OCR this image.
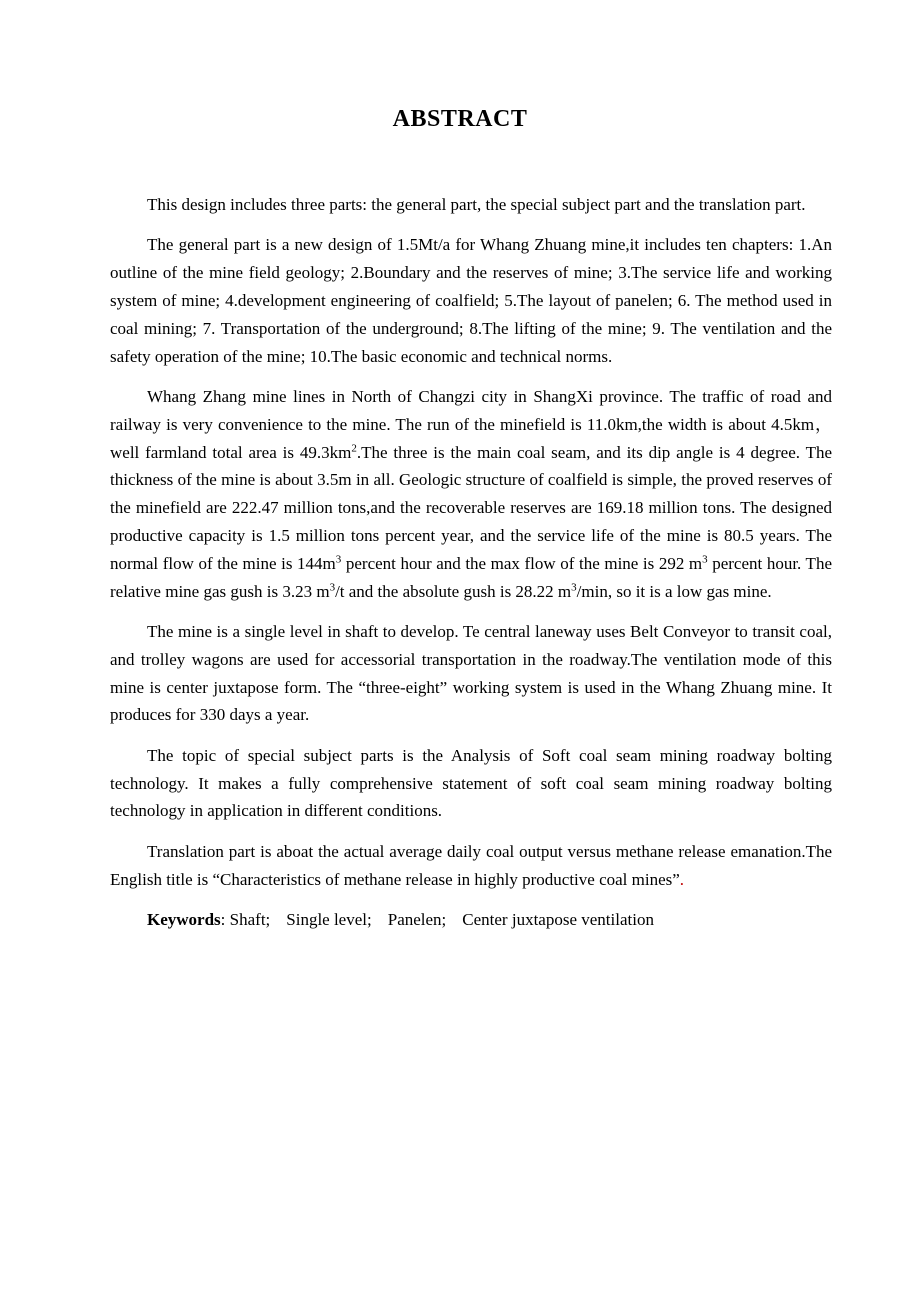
ABSTRACT

This design includes three parts: the general part, the special subject part and the translation part.

The general part is a new design of 1.5Mt/a for Whang Zhuang mine,it includes ten chapters: 1.An outline of the mine field geology; 2.Boundary and the reserves of mine; 3.The service life and working system of mine; 4.development engineering of coalfield; 5.The layout of panelen; 6. The method used in coal mining; 7. Transportation of the underground; 8.The lifting of the mine; 9. The ventilation and the safety operation of the mine; 10.The basic economic and technical norms.

Whang Zhang mine lines in North of Changzi city in ShangXi province. The traffic of road and railway is very convenience to the mine. The run of the minefield is 11.0km,the width is about 4.5km， well farmland total area is $49.3km^2.The$ three is the main coal seam, and its dip angle is 4 degree. The thickness of the mine is about 3.5m in all. Geologic structure of coalfield is simple, the proved reserves of the minefield are 222.47 million tons,and the recoverable reserves are 169.18 million tons. The designed productive capacity is 1.5 million tons percent year, and the service life of the mine is 80.5 years. The normal flow of the mine is $144m^3$ percent hour and the max flow of the mine is 292 $m^3$ percent hour. The relative mine gas gush is 3.23 $m^3/t$ and the absolute gush is 28.22 $m^3/\min$, so it is a low gas mine.

The mine is a single level in shaft to develop. Te central laneway uses Belt Conveyor to transit coal, and trolley wagons are used for accessorial transportation in the roadway.The ventilation mode of this mine is center juxtapose form. The “three-eight” working system is used in the Whang Zhuang mine. It produces for 330 days a year.

The topic of special subject parts is the Analysis of Soft coal seam mining roadway bolting technology. It makes a fully comprehensive statement of soft coal seam mining roadway bolting technology in application in different conditions.

Translation part is aboat the actual average daily coal output versus methane release emanation.The English title is “Characteristics of methane release in highly productive coal mines”.

Keywords: Shaft; Single level; Panelen; Center juxtapose ventilation
